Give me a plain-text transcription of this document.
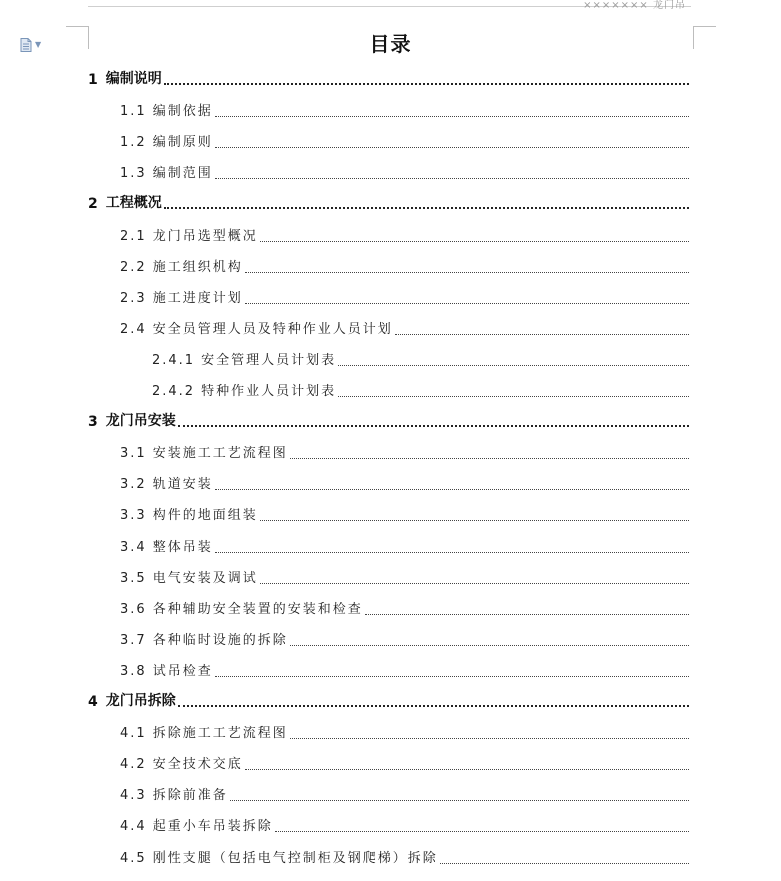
××××××× 龙门吊
▼	目录
1 编制说明
1.1 编制依据
1.2 编制原则
1.3 编制范围
2 工程概况
2.1 龙门吊选型概况
2.2 施工组织机构
2.3 施工进度计划
2.4 安全员管理人员及特种作业人员计划
2.4.1 安全管理人员计划表
2.4.2 特种作业人员计划表
3 龙门吊安装
3.1 安装施工工艺流程图
3.2 轨道安装
3.3 构件的地面组装
3.4 整体吊装
3.5 电气安装及调试
3.6 各种辅助安全装置的安装和检查
3.7 各种临时设施的拆除
3.8 试吊检查
4 龙门吊拆除
4.1 拆除施工工艺流程图
4.2 安全技术交底
4.3 拆除前准备
4.4 起重小车吊装拆除
4.5 刚性支腿（包括电气控制柜及钢爬梯）拆除
